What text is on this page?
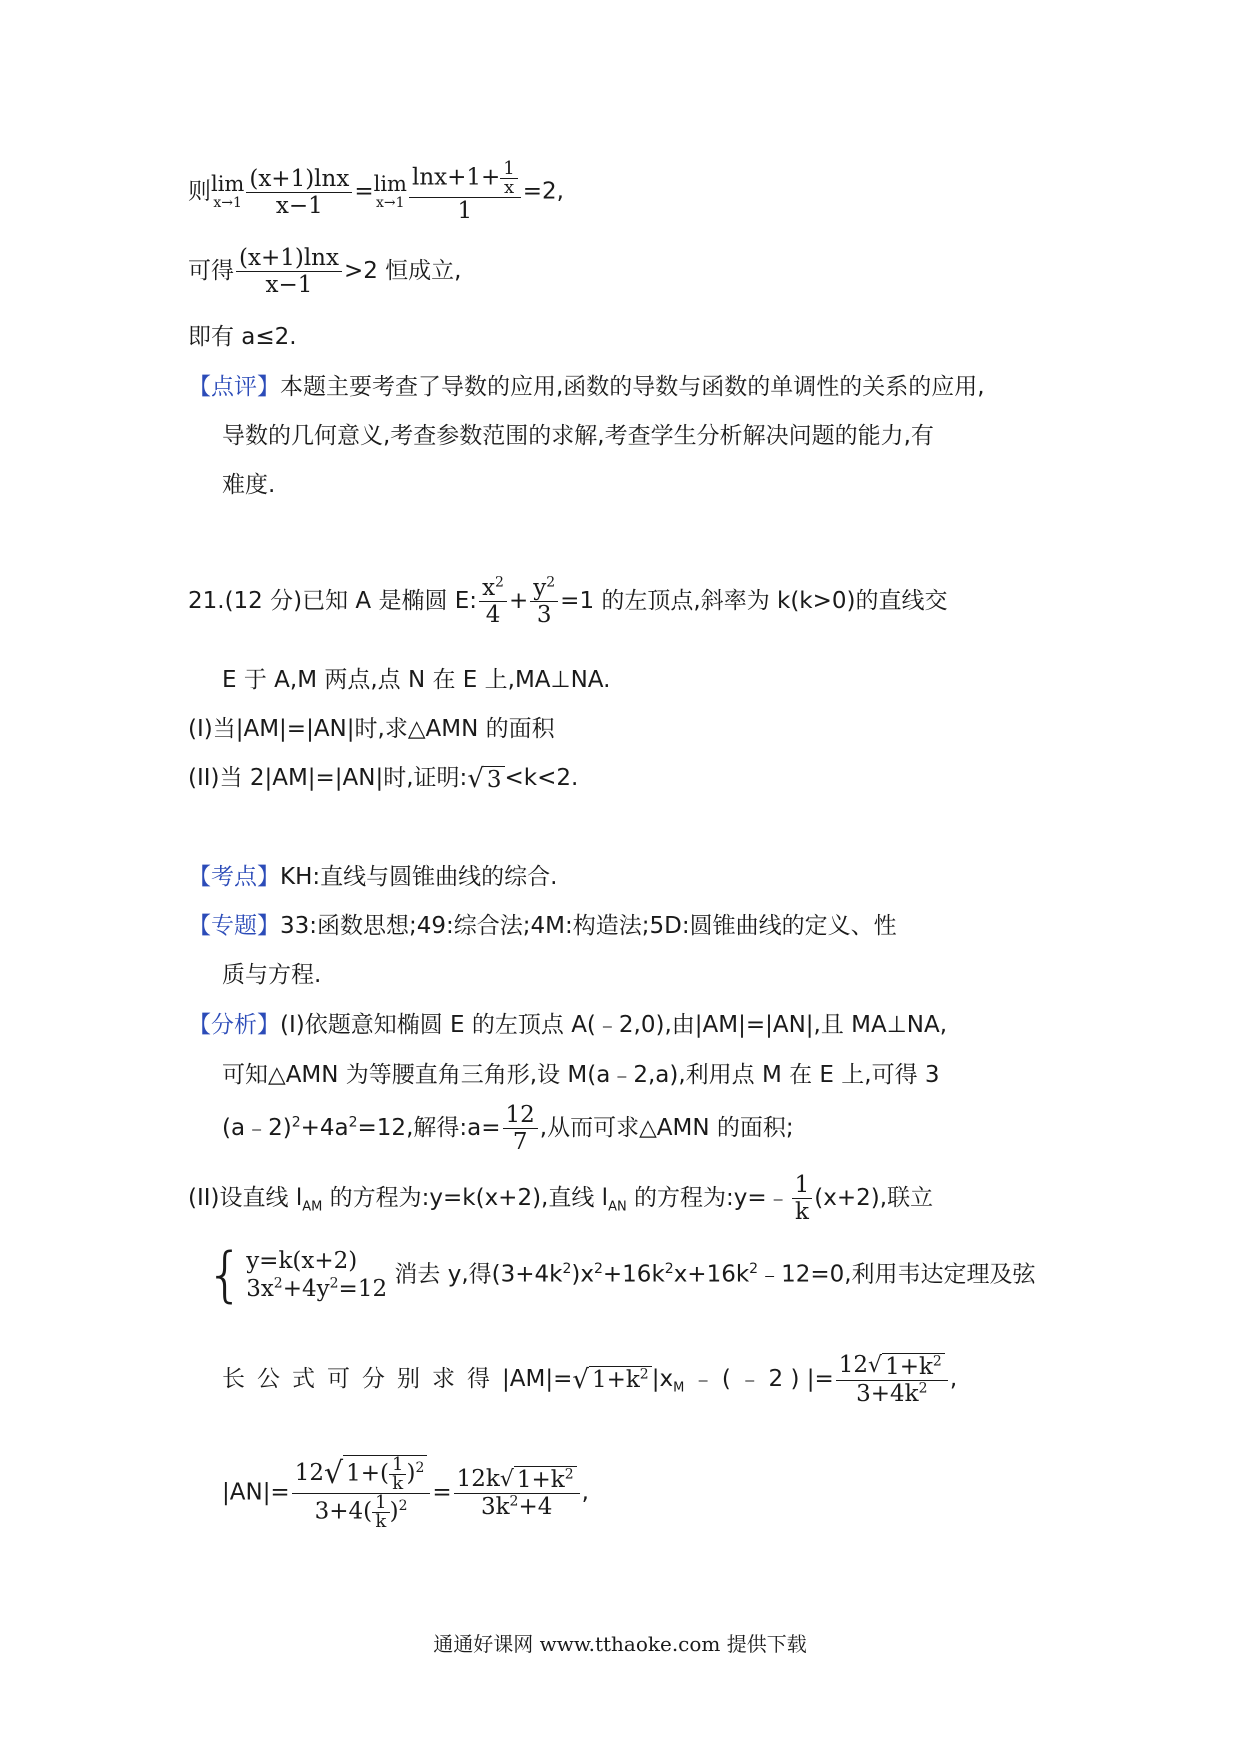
则 lim
$x\to 1 \frac{(x+1)\ln x}{x-1} = \lim$
$x\to 1 \frac{\ln x+1+ \frac{1}{x}}{1} =2$,
可得 $\frac{(x+1)\ln x}{x-1} >2$ 恒成立,
即有 a≤2.
【点评】本题主要考查了导数的应用,函数的导数与函数的单调性的关系的应用,
导数的几何意义,考查参数范围的求解,考查学生分析解决问题的能力,有
难度.
21.(12 分)已知 A 是椭圆 E: $\frac{x^2}{4} + \frac{y^2}{3} =1$ 的左顶点,斜率为 k(k>0)的直线交
E 于 A,M 两点,点 N 在 E 上,MA⊥NA.
(I)当|AM|=|AN|时,求△AMN 的面积
(II)当 2|AM|=|AN|时,证明:√ 3 <k<2.
【考点】KH:直线与圆锥曲线的综合.
【专题】33:函数思想;49:综合法;4M:构造法;5D:圆锥曲线的定义、性
质与方程.
【分析】(I)依题意知椭圆 E 的左顶点 A(﹣2,0),由|AM|=|AN|,且 MA⊥NA,
可知△AMN 为等腰直角三角形,设 M(a﹣2,a),利用点 M 在 E 上,可得 3
$(a﹣2)^2+4a^2=12$,解得:a= $\frac{12}{7}$ ,从而可求△AMN 的面积;
(II)设直线 $l_{AM}$ 的方程为:y=k(x+2),直线 $l_{AN}$ 的方程为:y=﹣ $\frac{1}{k} (x+2)$,联立
{ y=k(x+2)
$3x^2+4y^2=12$
消去 y,得$(3+4k^2)x^2+16k^2x+16k^2﹣12=0$,利用韦达定理及弦
长公式可分别求得|AM|=√ $1+k^2$ $|x_M$ ﹣ ( ﹣ 2 ) |= $\frac{12√ 1+k^2}{3+4k^2}$ ,
$|AN|= \frac{12√ 1+( \frac{1}{k} )^2}{3+4( \frac{1}{k} )^2} = \frac{12k√ 1+k^2}{3k^2+4}$ ,
通通好课网 www.tthaoke.com 提供下载
